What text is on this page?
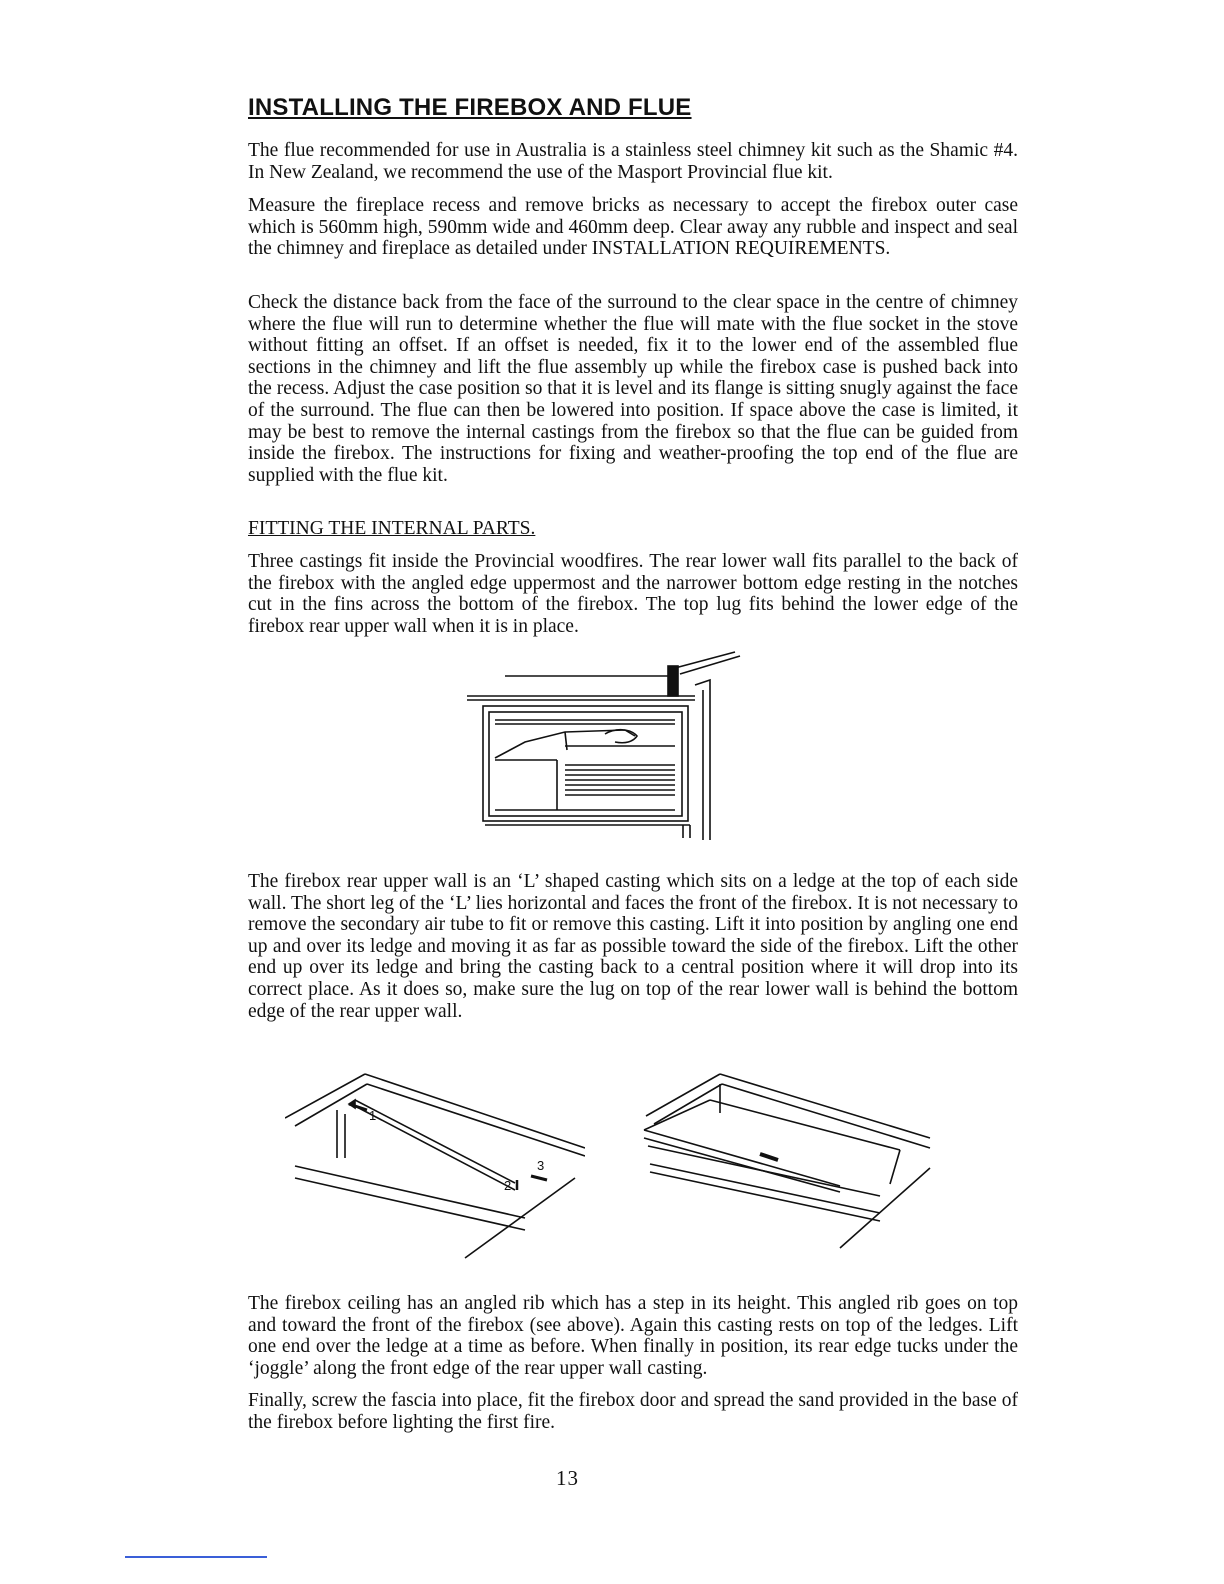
INSTALLING THE FIREBOX AND FLUE

The flue recommended for use in Australia is a stainless steel chimney kit such as the Shamic #4. In New Zealand, we recommend the use of the Masport Provincial flue kit.

Measure the fireplace recess and remove bricks as necessary to accept the firebox outer case which is 560mm high, 590mm wide and 460mm deep. Clear away any rubble and inspect and seal the chimney and fireplace as detailed under INSTALLATION REQUIREMENTS.

Check the distance back from the face of the surround to the clear space in the centre of chimney where the flue will run to determine whether the flue will mate with the flue socket in the stove without fitting an offset. If an offset is needed, fix it to the lower end of the assembled flue sections in the chimney and lift the flue assembly up while the firebox case is pushed back into the recess. Adjust the case position so that it is level and its flange is sitting snugly against the face of the surround. The flue can then be lowered into position. If space above the case is limited, it may be best to remove the internal castings from the firebox so that the flue can be guided from inside the firebox. The instructions for fixing and weather-proofing the top end of the flue are supplied with the flue kit.

FITTING THE INTERNAL PARTS.

Three castings fit inside the Provincial woodfires. The rear lower wall fits parallel to the back of the firebox with the angled edge uppermost and the narrower bottom edge resting in the notches cut in the fins across the bottom of the firebox. The top lug fits behind the lower edge of the firebox rear upper wall when it is in place.

The firebox rear upper wall is an ‘L’ shaped casting which sits on a ledge at the top of each side wall. The short leg of the ‘L’ lies horizontal and faces the front of the firebox. It is not necessary to remove the secondary air tube to fit or remove this casting. Lift it into position by angling one end up and over its ledge and moving it as far as possible toward the side of the firebox. Lift the other end up over its ledge and bring the casting back to a central position where it will drop into its correct place. As it does so, make sure the lug on top of the rear lower wall is behind the bottom edge of the rear upper wall.

1
2
3

The firebox ceiling has an angled rib which has a step in its height. This angled rib goes on top and toward the front of the firebox (see above). Again this casting rests on top of the ledges. Lift one end over the ledge at a time as before. When finally in position, its rear edge tucks under the ‘joggle’ along the front edge of the rear upper wall casting.

Finally, screw the fascia into place, fit the firebox door and spread the sand provided in the base of the firebox before lighting the first fire.

13
